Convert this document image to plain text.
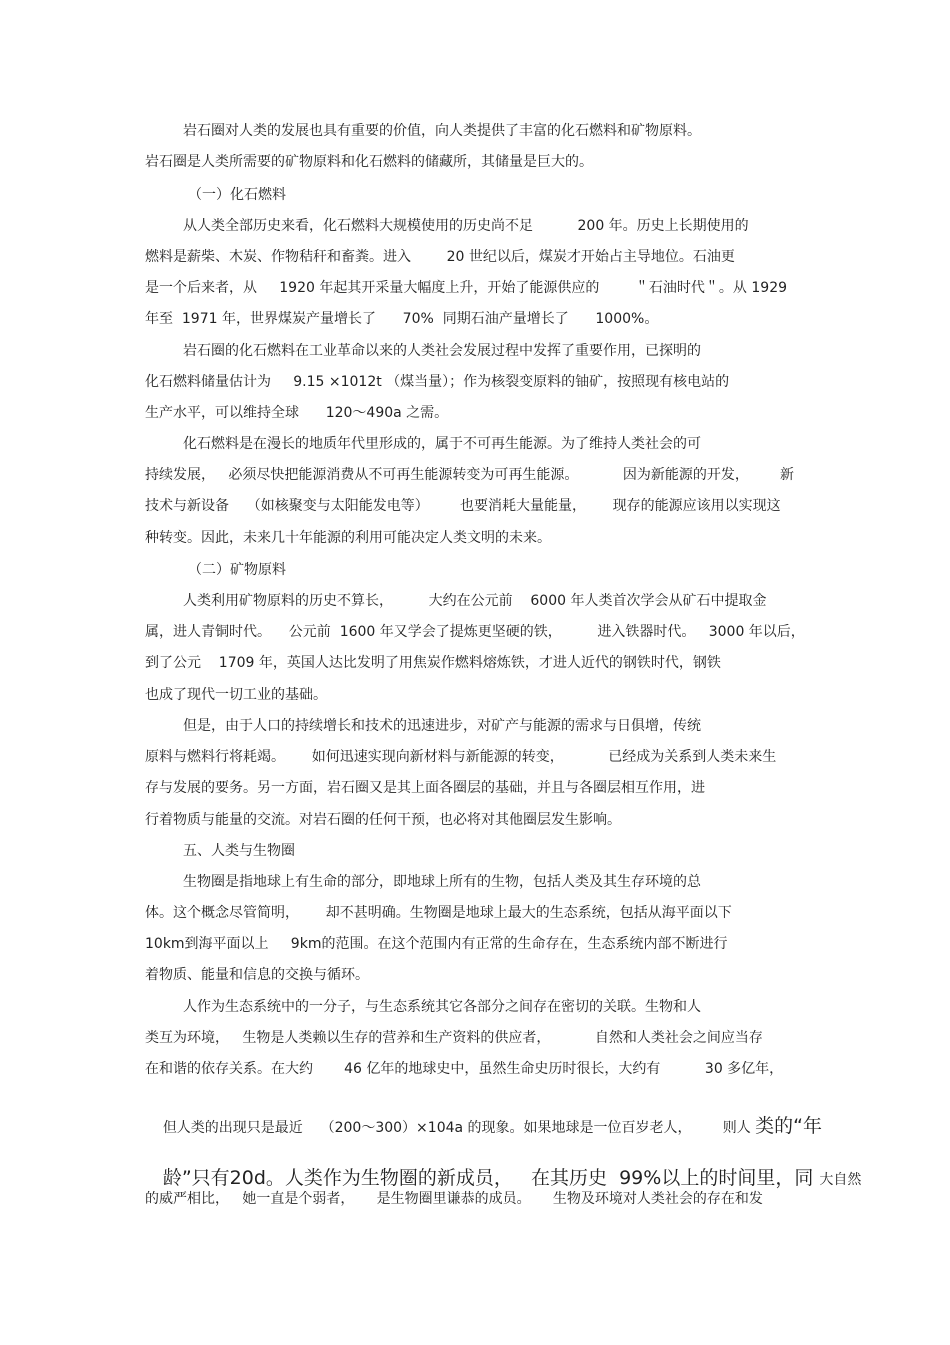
岩石圈对人类的发展也具有重要的价值，向人类提供了丰富的化石燃料和矿物原料。
岩石圈是人类所需要的矿物原料和化石燃料的储藏所，其储量是巨大的。
（一）化石燃料
从人类全部历史来看，化石燃料大规模使用的历史尚不足          200 年。历史上长期使用的
燃料是薪柴、木炭、作物秸秆和畜粪。进入        20 世纪以后，煤炭才开始占主导地位。石油更
是一个后来者，从     1920 年起其开采量大幅度上升，开始了能源供应的        ＂石油时代＂。从 1929
年至  1971 年，世界煤炭产量增长了      70%  同期石油产量增长了      1000%。
岩石圈的化石燃料在工业革命以来的人类社会发展过程中发挥了重要作用，已探明的
化石燃料储量估计为     9.15 ×1012t （煤当量）；作为核裂变原料的铀矿，按照现有核电站的
生产水平，可以维持全球      120～490a 之需。
化石燃料是在漫长的地质年代里形成的，属于不可再生能源。为了维持人类社会的可
持续发展，   必须尽快把能源消费从不可再生能源转变为可再生能源。          因为新能源的开发，       新
技术与新设备    （如核聚变与太阳能发电等）       也要消耗大量能量，      现存的能源应该用以实现这
种转变。因此，未来几十年能源的利用可能决定人类文明的未来。
（二）矿物原料
人类利用矿物原料的历史不算长，        大约在公元前    6000 年人类首次学会从矿石中提取金
属，进人青铜时代。    公元前  1600 年又学会了提炼更坚硬的铁，        进入铁器时代。   3000 年以后，
到了公元    1709 年，英国人达比发明了用焦炭作燃料熔炼铁，才进人近代的钢铁时代，钢铁
也成了现代一切工业的基础。
但是，由于人口的持续增长和技术的迅速进步，对矿产与能源的需求与日俱增，传统
原料与燃料行将耗竭。      如何迅速实现向新材料与新能源的转变，          已经成为关系到人类未来生
存与发展的要务。另一方面，岩石圈又是其上面各圈层的基础，并且与各圈层相互作用，进
行着物质与能量的交流。对岩石圈的任何干预，也必将对其他圈层发生影响。
五、人类与生物圈
生物圈是指地球上有生命的部分，即地球上所有的生物，包括人类及其生存环境的总
体。这个概念尽管简明，      却不甚明确。生物圈是地球上最大的生态系统，包括从海平面以下
10km到海平面以上     9km的范围。在这个范围内有正常的生命存在，生态系统内部不断进行
着物质、能量和信息的交换与循环。
人作为生态系统中的一分子，与生态系统其它各部分之间存在密切的关联。生物和人
类互为环境，   生物是人类赖以生存的营养和生产资料的供应者，          自然和人类社会之间应当存
在和谐的依存关系。在大约       46 亿年的地球史中，虽然生命史历时很长，大约有          30 多亿年，

但人类的出现只是最近    （200～300）×104a 的现象。如果地球是一位百岁老人，       则人 类的“年

龄”只有20d。人类作为生物圈的新成员，   在其历史  99%以上的时间里，同 大自然

的威严相比，   她一直是个弱者，     是生物圈里谦恭的成员。     生物及环境对人类社会的存在和发
